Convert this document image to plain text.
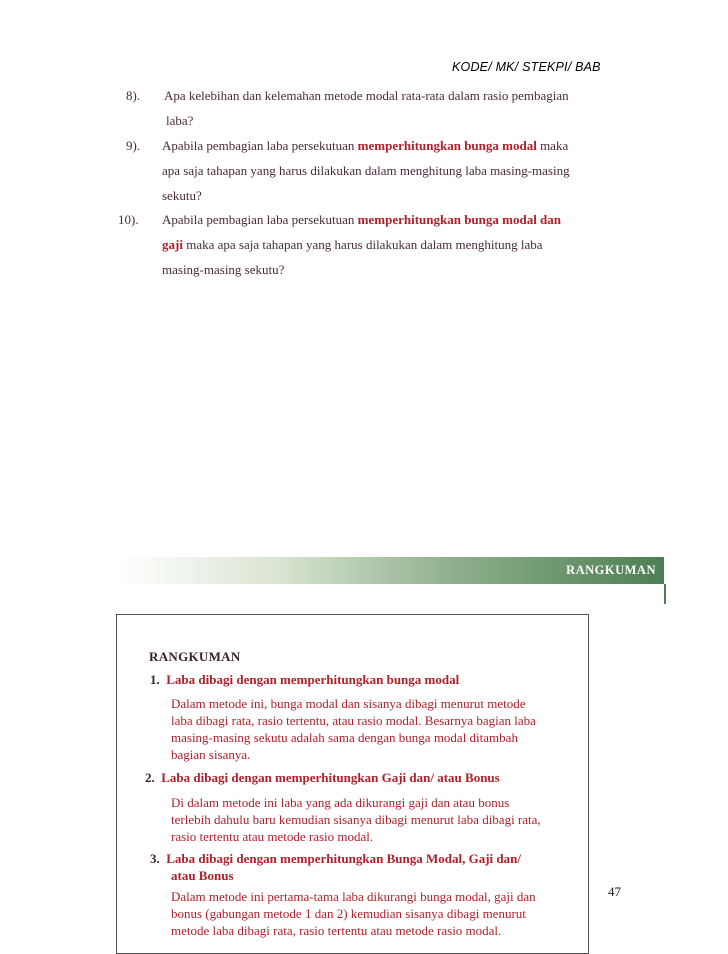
KODE/ MK/ STEKPI/ BAB
8). Apa kelebihan dan kelemahan metode modal rata-rata dalam rasio pembagian
laba?
9). Apabila pembagian laba persekutuan memperhitungkan bunga modal maka
apa saja tahapan yang harus dilakukan dalam menghitung laba masing-masing
sekutu?
10). Apabila pembagian laba persekutuan memperhitungkan bunga modal dan
gaji maka apa saja tahapan yang harus dilakukan dalam menghitung laba
masing-masing sekutu?
RANGKUMAN
RANGKUMAN
1. Laba dibagi dengan memperhitungkan bunga modal
Dalam metode ini, bunga modal dan sisanya dibagi menurut metode
laba dibagi rata, rasio tertentu, atau rasio modal. Besarnya bagian laba
masing-masing sekutu adalah sama dengan bunga modal ditambah
bagian sisanya.
2. Laba dibagi dengan memperhitungkan Gaji dan/ atau Bonus
Di dalam metode ini laba yang ada dikurangi gaji dan atau bonus
terlebih dahulu baru kemudian sisanya dibagi menurut laba dibagi rata,
rasio tertentu atau metode rasio modal.
3. Laba dibagi dengan memperhitungkan Bunga Modal, Gaji dan/
atau Bonus
Dalam metode ini pertama-tama laba dikurangi bunga modal, gaji dan
bonus (gabungan metode 1 dan 2) kemudian sisanya dibagi menurut
metode laba dibagi rata, rasio tertentu atau metode rasio modal.
47
